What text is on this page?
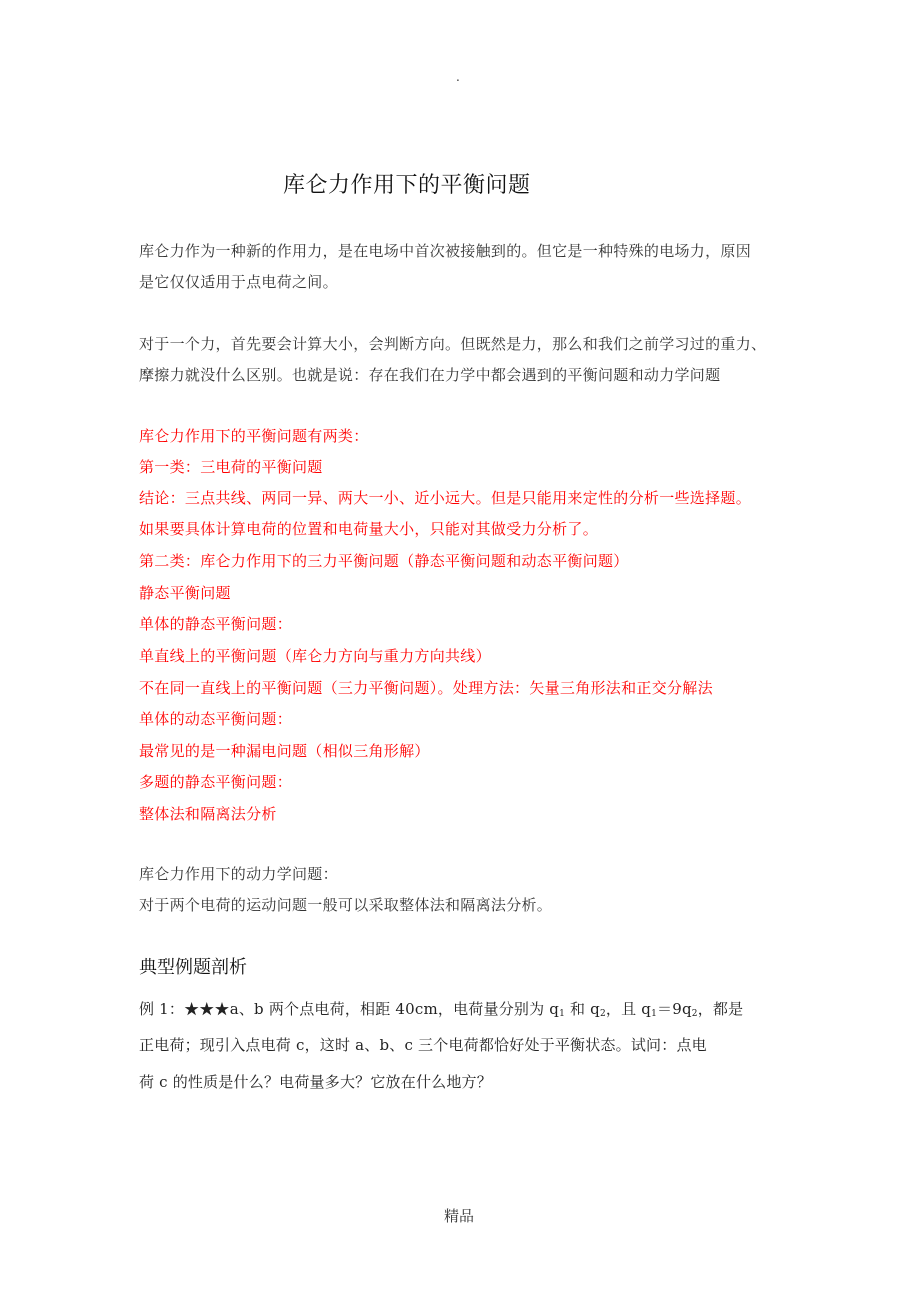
.
库仑力作用下的平衡问题
库仑力作为一种新的作用力，是在电场中首次被接触到的。但它是一种特殊的电场力，原因
是它仅仅适用于点电荷之间。
对于一个力，首先要会计算大小，会判断方向。但既然是力，那么和我们之前学习过的重力、
摩擦力就没什么区别。也就是说：存在我们在力学中都会遇到的平衡问题和动力学问题
库仑力作用下的平衡问题有两类：
第一类：三电荷的平衡问题
结论：三点共线、两同一异、两大一小、近小远大。但是只能用来定性的分析一些选择题。
如果要具体计算电荷的位置和电荷量大小，只能对其做受力分析了。
第二类：库仑力作用下的三力平衡问题（静态平衡问题和动态平衡问题）
静态平衡问题
单体的静态平衡问题：
单直线上的平衡问题（库仑力方向与重力方向共线）
不在同一直线上的平衡问题（三力平衡问题）。处理方法：矢量三角形法和正交分解法
单体的动态平衡问题：
最常见的是一种漏电问题（相似三角形解）
多题的静态平衡问题：
整体法和隔离法分析
库仑力作用下的动力学问题：
对于两个电荷的运动问题一般可以采取整体法和隔离法分析。
典型例题剖析
例 1：★★★a、b 两个点电荷，相距 40cm，电荷量分别为 $q_1$ 和 $q_2$，且 $q_1=9q_2$，都是
正电荷；现引入点电荷 c，这时 a、b、c 三个电荷都恰好处于平衡状态。试问：点电
荷 c 的性质是什么？电荷量多大？它放在什么地方？
精品
